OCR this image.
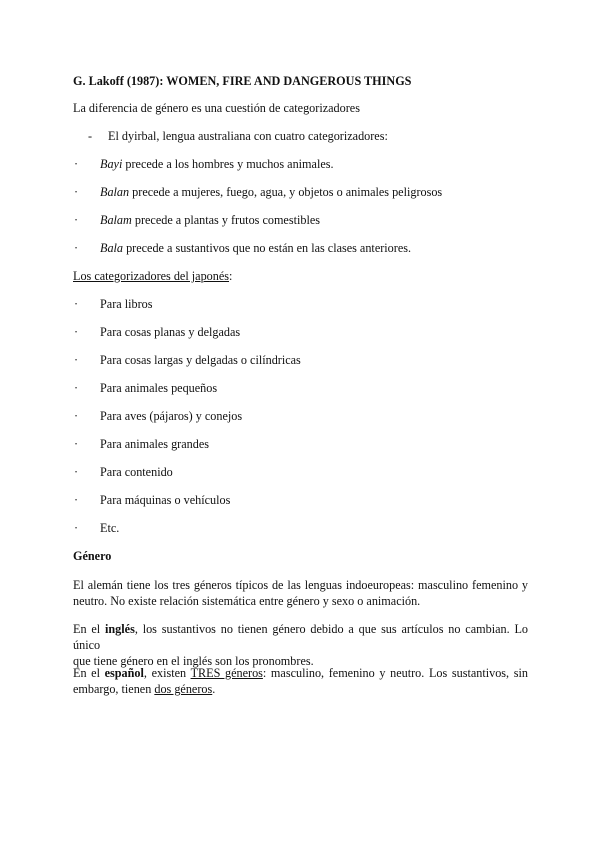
G. Lakoff (1987): WOMEN, FIRE AND DANGEROUS THINGS
La diferencia de género es una cuestión de categorizadores
- El dyirbal, lengua australiana con cuatro categorizadores:
· Bayi precede a los hombres y muchos animales.
· Balan precede a mujeres, fuego, agua, y objetos o animales peligrosos
· Balam precede a plantas y frutos comestibles
· Bala precede a sustantivos que no están en las clases anteriores.
Los categorizadores del japonés:
· Para libros
· Para cosas planas y delgadas
· Para cosas largas y delgadas o cilíndricas
· Para animales pequeños
· Para aves (pájaros) y conejos
· Para animales grandes
· Para contenido
· Para máquinas o vehículos
· Etc.
Género
El alemán tiene los tres géneros típicos de las lenguas indoeuropeas: masculino femenino y
neutro. No existe relación sistemática entre género y sexo o animación.
En el inglés, los sustantivos no tienen género debido a que sus artículos no cambian. Lo único
que tiene género en el inglés son los pronombres.
En el español, existen TRES géneros: masculino, femenino y neutro. Los sustantivos, sin
embargo, tienen dos géneros.
